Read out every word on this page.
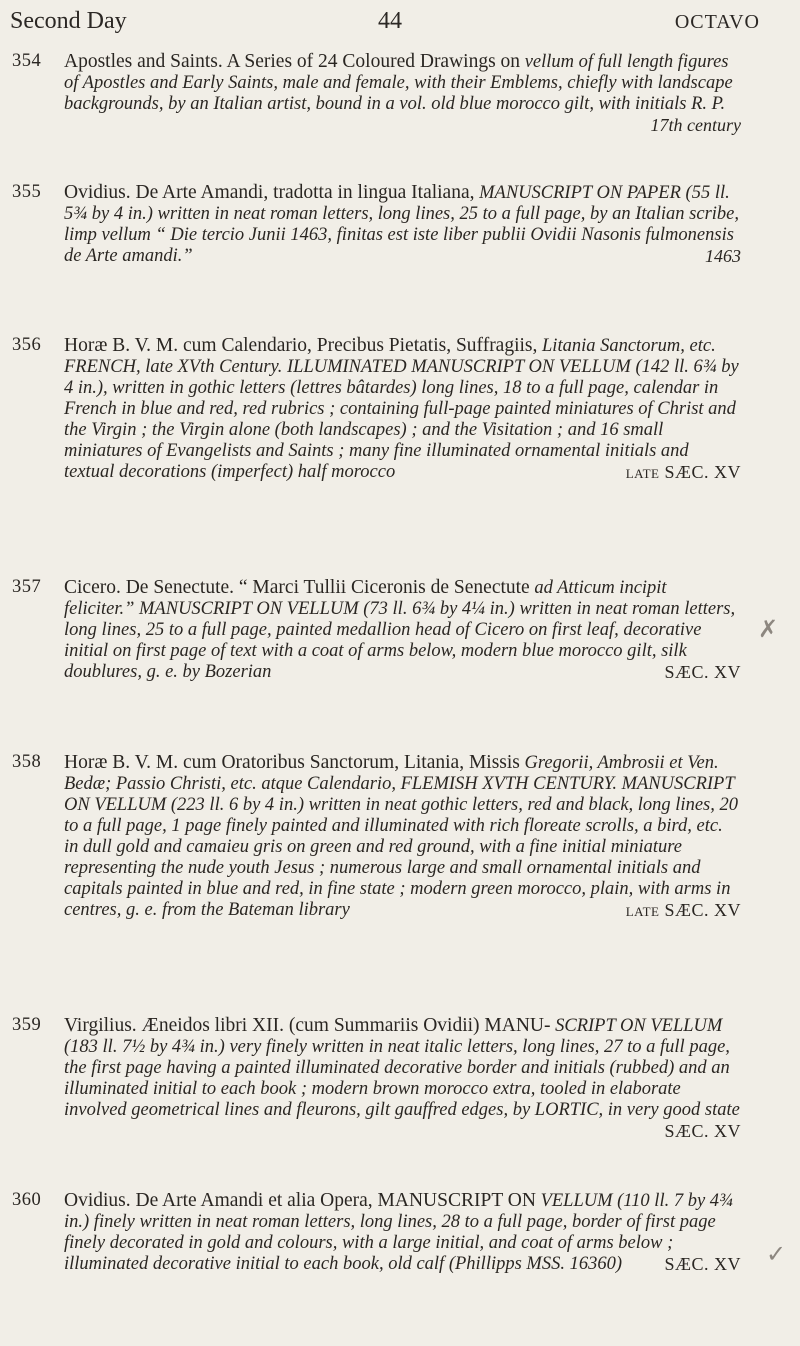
Second Day	44	OCTAVO
354 Apostles and Saints. A Series of 24 Coloured Drawings on vellum of full length figures of Apostles and Early Saints, male and female, with their Emblems, chiefly with landscape backgrounds, by an Italian artist, bound in a vol. old blue morocco gilt, with initials R. P.
17th century
355 Ovidius. De Arte Amandi, tradotta in lingua Italiana, MANUSCRIPT ON PAPER (55 ll. 5¾ by 4 in.) written in neat roman letters, long lines, 25 to a full page, by an Italian scribe, limp vellum “ Die tercio Junii 1463, finitas est iste liber publii Ovidii Nasonis fulmonensis de Arte amandi.”	1463
356 Horæ B. V. M. cum Calendario, Precibus Pietatis, Suffragiis, Litania Sanctorum, etc. FRENCH, late XVth Century. ILLUMINATED MANUSCRIPT ON VELLUM (142 ll. 6¾ by 4 in.), written in gothic letters (lettres bâtardes) long lines, 18 to a full page, calendar in French in blue and red, red rubrics ; containing full-page painted miniatures of Christ and the Virgin ; the Virgin alone (both landscapes) ; and the Visitation ; and 16 small miniatures of Evangelists and Saints ; many fine illuminated ornamental initials and textual decorations (imperfect) half morocco	late SÆC. XV
357 Cicero. De Senectute. “ Marci Tullii Ciceronis de Senectute ad Atticum incipit feliciter.” MANUSCRIPT ON VELLUM (73 ll. 6¾ by 4¼ in.) written in neat roman letters, long lines, 25 to a full page, painted medallion head of Cicero on first leaf, decorative initial on first page of text with a coat of arms below, modern blue morocco gilt, silk doublures, g. e. by Bozerian	SÆC. XV
358 Horæ B. V. M. cum Oratoribus Sanctorum, Litania, Missis Gregorii, Ambrosii et Ven. Bedæ; Passio Christi, etc. atque Calendario, FLEMISH XVTH CENTURY. MANUSCRIPT ON VELLUM (223 ll. 6 by 4 in.) written in neat gothic letters, red and black, long lines, 20 to a full page, 1 page finely painted and illuminated with rich floreate scrolls, a bird, etc. in dull gold and camaieu gris on green and red ground, with a fine initial miniature representing the nude youth Jesus ; numerous large and small ornamental initials and capitals painted in blue and red, in fine state ; modern green morocco, plain, with arms in centres, g. e. from the Bateman library	late SÆC. XV
359 Virgilius. Æneidos libri XII. (cum Summariis Ovidii) MANU- SCRIPT ON VELLUM (183 ll. 7½ by 4¾ in.) very finely written in neat italic letters, long lines, 27 to a full page, the first page having a painted illuminated decorative border and initials (rubbed) and an illuminated initial to each book ; modern brown morocco extra, tooled in elaborate involved geometrical lines and fleurons, gilt gauffred edges, by LORTIC, in very good state
SÆC. XV
360 Ovidius. De Arte Amandi et alia Opera, MANUSCRIPT ON VELLUM (110 ll. 7 by 4¾ in.) finely written in neat roman letters, long lines, 28 to a full page, border of first page finely decorated in gold and colours, with a large initial, and coat of arms below ; illuminated decorative initial to each book, old calf (Phillipps MSS. 16360) SÆC. XV
✗
✓
